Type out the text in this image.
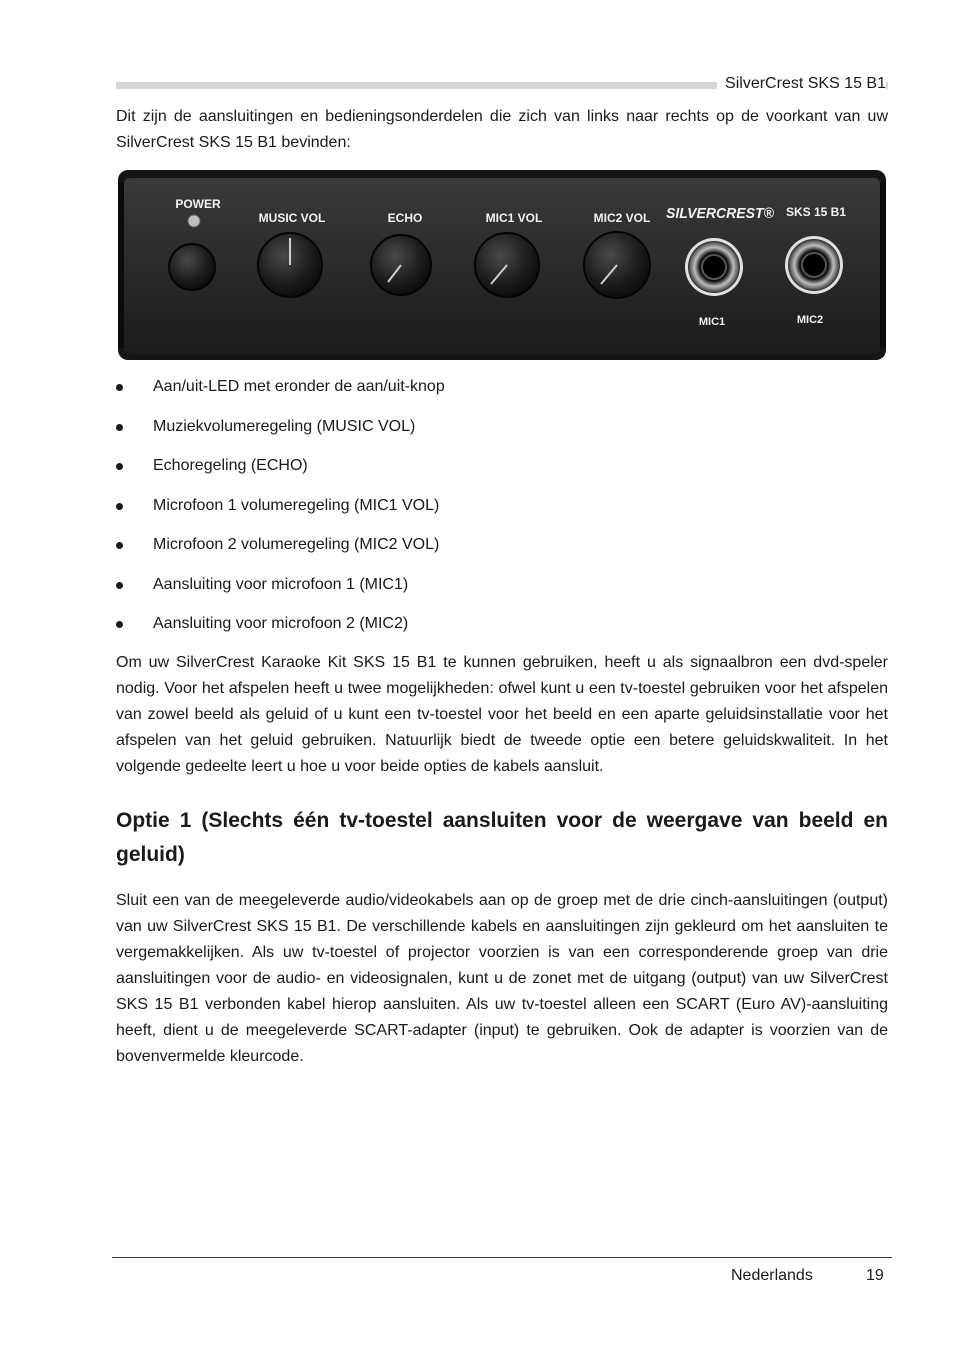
SilverCrest SKS 15 B1

Dit zijn de aansluitingen en bedieningsonderdelen die zich van links naar rechts op de voorkant van uw SilverCrest SKS 15 B1 bevinden:

POWER
MUSIC VOL	ECHO	MIC1 VOL	MIC2 VOL SILVERCREST® SKS 15 B1
MIC1	MIC2
Aan/uit-LED met eronder de aan/uit-knop
Muziekvolumeregeling (MUSIC VOL)
Echoregeling (ECHO)
Microfoon 1 volumeregeling (MIC1 VOL)
Microfoon 2 volumeregeling (MIC2 VOL)
Aansluiting voor microfoon 1 (MIC1)
Aansluiting voor microfoon 2 (MIC2)

Om uw SilverCrest Karaoke Kit SKS 15 B1 te kunnen gebruiken, heeft u als signaalbron een dvd-speler nodig. Voor het afspelen heeft u twee mogelijkheden: ofwel kunt u een tv-toestel gebruiken voor het afspelen van zowel beeld als geluid of u kunt een tv-toestel voor het beeld en een aparte geluidsinstallatie voor het afspelen van het geluid gebruiken. Natuurlijk biedt de tweede optie een betere geluidskwaliteit. In het volgende gedeelte leert u hoe u voor beide opties de kabels aansluit.

Optie 1 (Slechts één tv-toestel aansluiten voor de weergave van beeld en geluid)

Sluit een van de meegeleverde audio/videokabels aan op de groep met de drie cinch-aansluitingen (output) van uw SilverCrest SKS 15 B1. De verschillende kabels en aansluitingen zijn gekleurd om het aansluiten te vergemakkelijken. Als uw tv-toestel of projector voorzien is van een corresponderende groep van drie aansluitingen voor de audio- en videosignalen, kunt u de zonet met de uitgang (output) van uw SilverCrest SKS 15 B1 verbonden kabel hierop aansluiten. Als uw tv-toestel alleen een SCART (Euro AV)-aansluiting heeft, dient u de meegeleverde SCART-adapter (input) te gebruiken. Ook de adapter is voorzien van de bovenvermelde kleurcode.

Nederlands	19
